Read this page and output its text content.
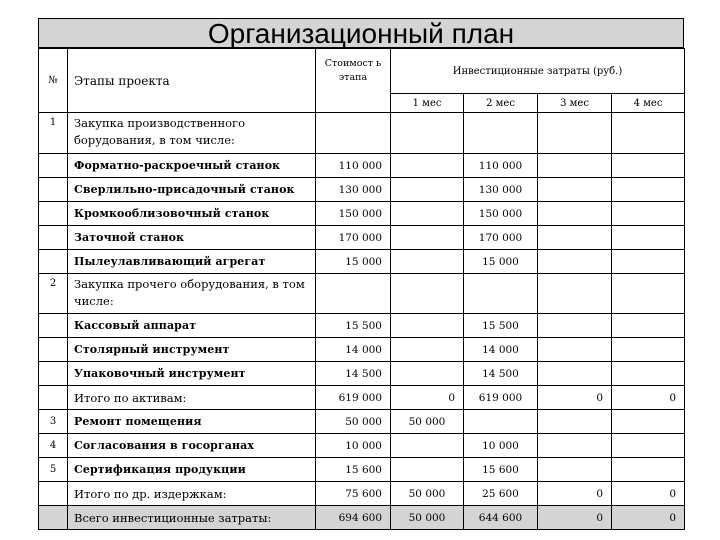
Организационный план
№	Этапы проекта	Стоимост ь этапа	Инвестиционные затраты (руб.)			
			1 мес	2 мес	3 мес	4 мес
1	Закупка производственного борудования, в том числе:					
	Форматно-раскроечный станок	110 000		110 000		
	Сверлильно-присадочный станок	130 000		130 000		
	Кромкооблизовочный станок	150 000		150 000		
	Заточной станок	170 000		170 000		
	Пылеулавливающий агрегат	15 000		15 000		
2	Закупка прочего оборудования, в том числе:					
	Кассовый аппарат	15 500		15 500		
	Столярный инструмент	14 000		14 000		
	Упаковочный инструмент	14 500		14 500		
	Итого по активам:	619 000	0	619 000	0	0
3	Ремонт помещения	50 000	50 000			
4	Согласования в госорганах	10 000		10 000		
5	Сертификация продукции	15 600		15 600		
	Итого по др. издержкам:	75 600	50 000	25 600	0	0
	Всего инвестиционные затраты:	694 600	50 000	644 600	0	0
